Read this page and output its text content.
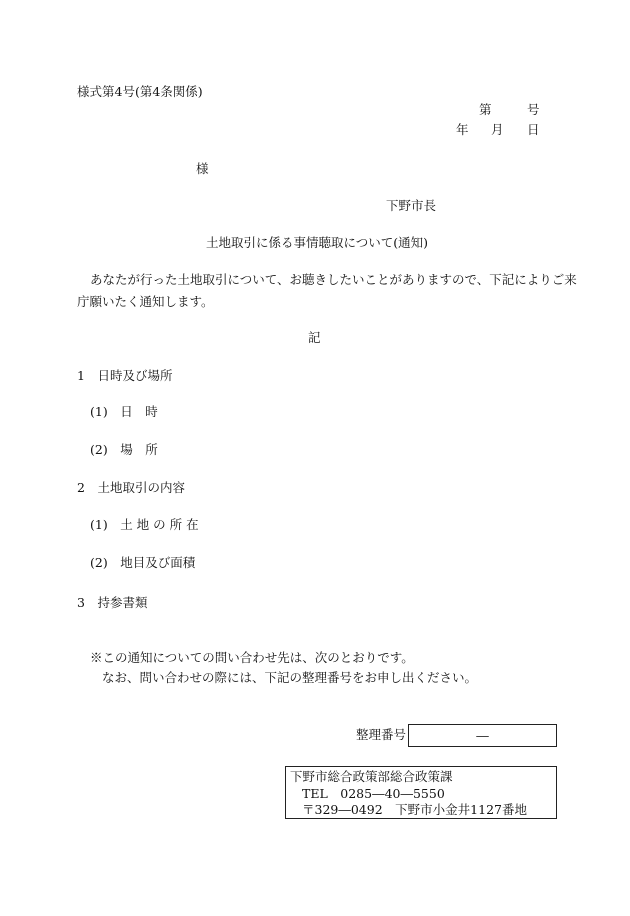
様式第4号(第4条関係)
第	号
年 月 日
様
下野市長
土地取引に係る事情聴取について(通知)
あなたが行った土地取引について、お聴きしたいことがありますので、下記によりご来
庁願いたく通知します。
記
1　日時及び場所
(1)　日　時
(2)　場　所
2　土地取引の内容
(1)　土 地 の 所 在
(2)　地目及び面積
3　持参書類
※この通知についての問い合わせ先は、次のとおりです。
なお、問い合わせの際には、下記の整理番号をお申し出ください。
整理番号	―
下野市総合政策部総合政策課
TEL　0285―40―5550
〒329―0492　下野市小金井1127番地
